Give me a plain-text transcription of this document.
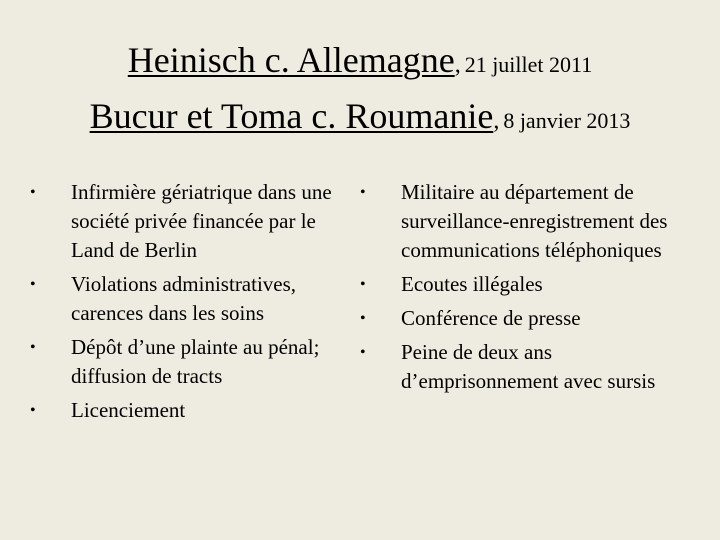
Heinisch c. Allemagne, 21 juillet 2011
Bucur et Toma c. Roumanie, 8 janvier 2013
• Infirmière gériatrique dans une société privée financée par le Land de Berlin
• Violations administratives, carences dans les soins
• Dépôt d’une plainte au pénal; diffusion de tracts
• Licenciement
• Militaire au département de surveillance-enregistrement des communications téléphoniques
• Ecoutes illégales
• Conférence de presse
• Peine de deux ans d’emprisonnement avec sursis
